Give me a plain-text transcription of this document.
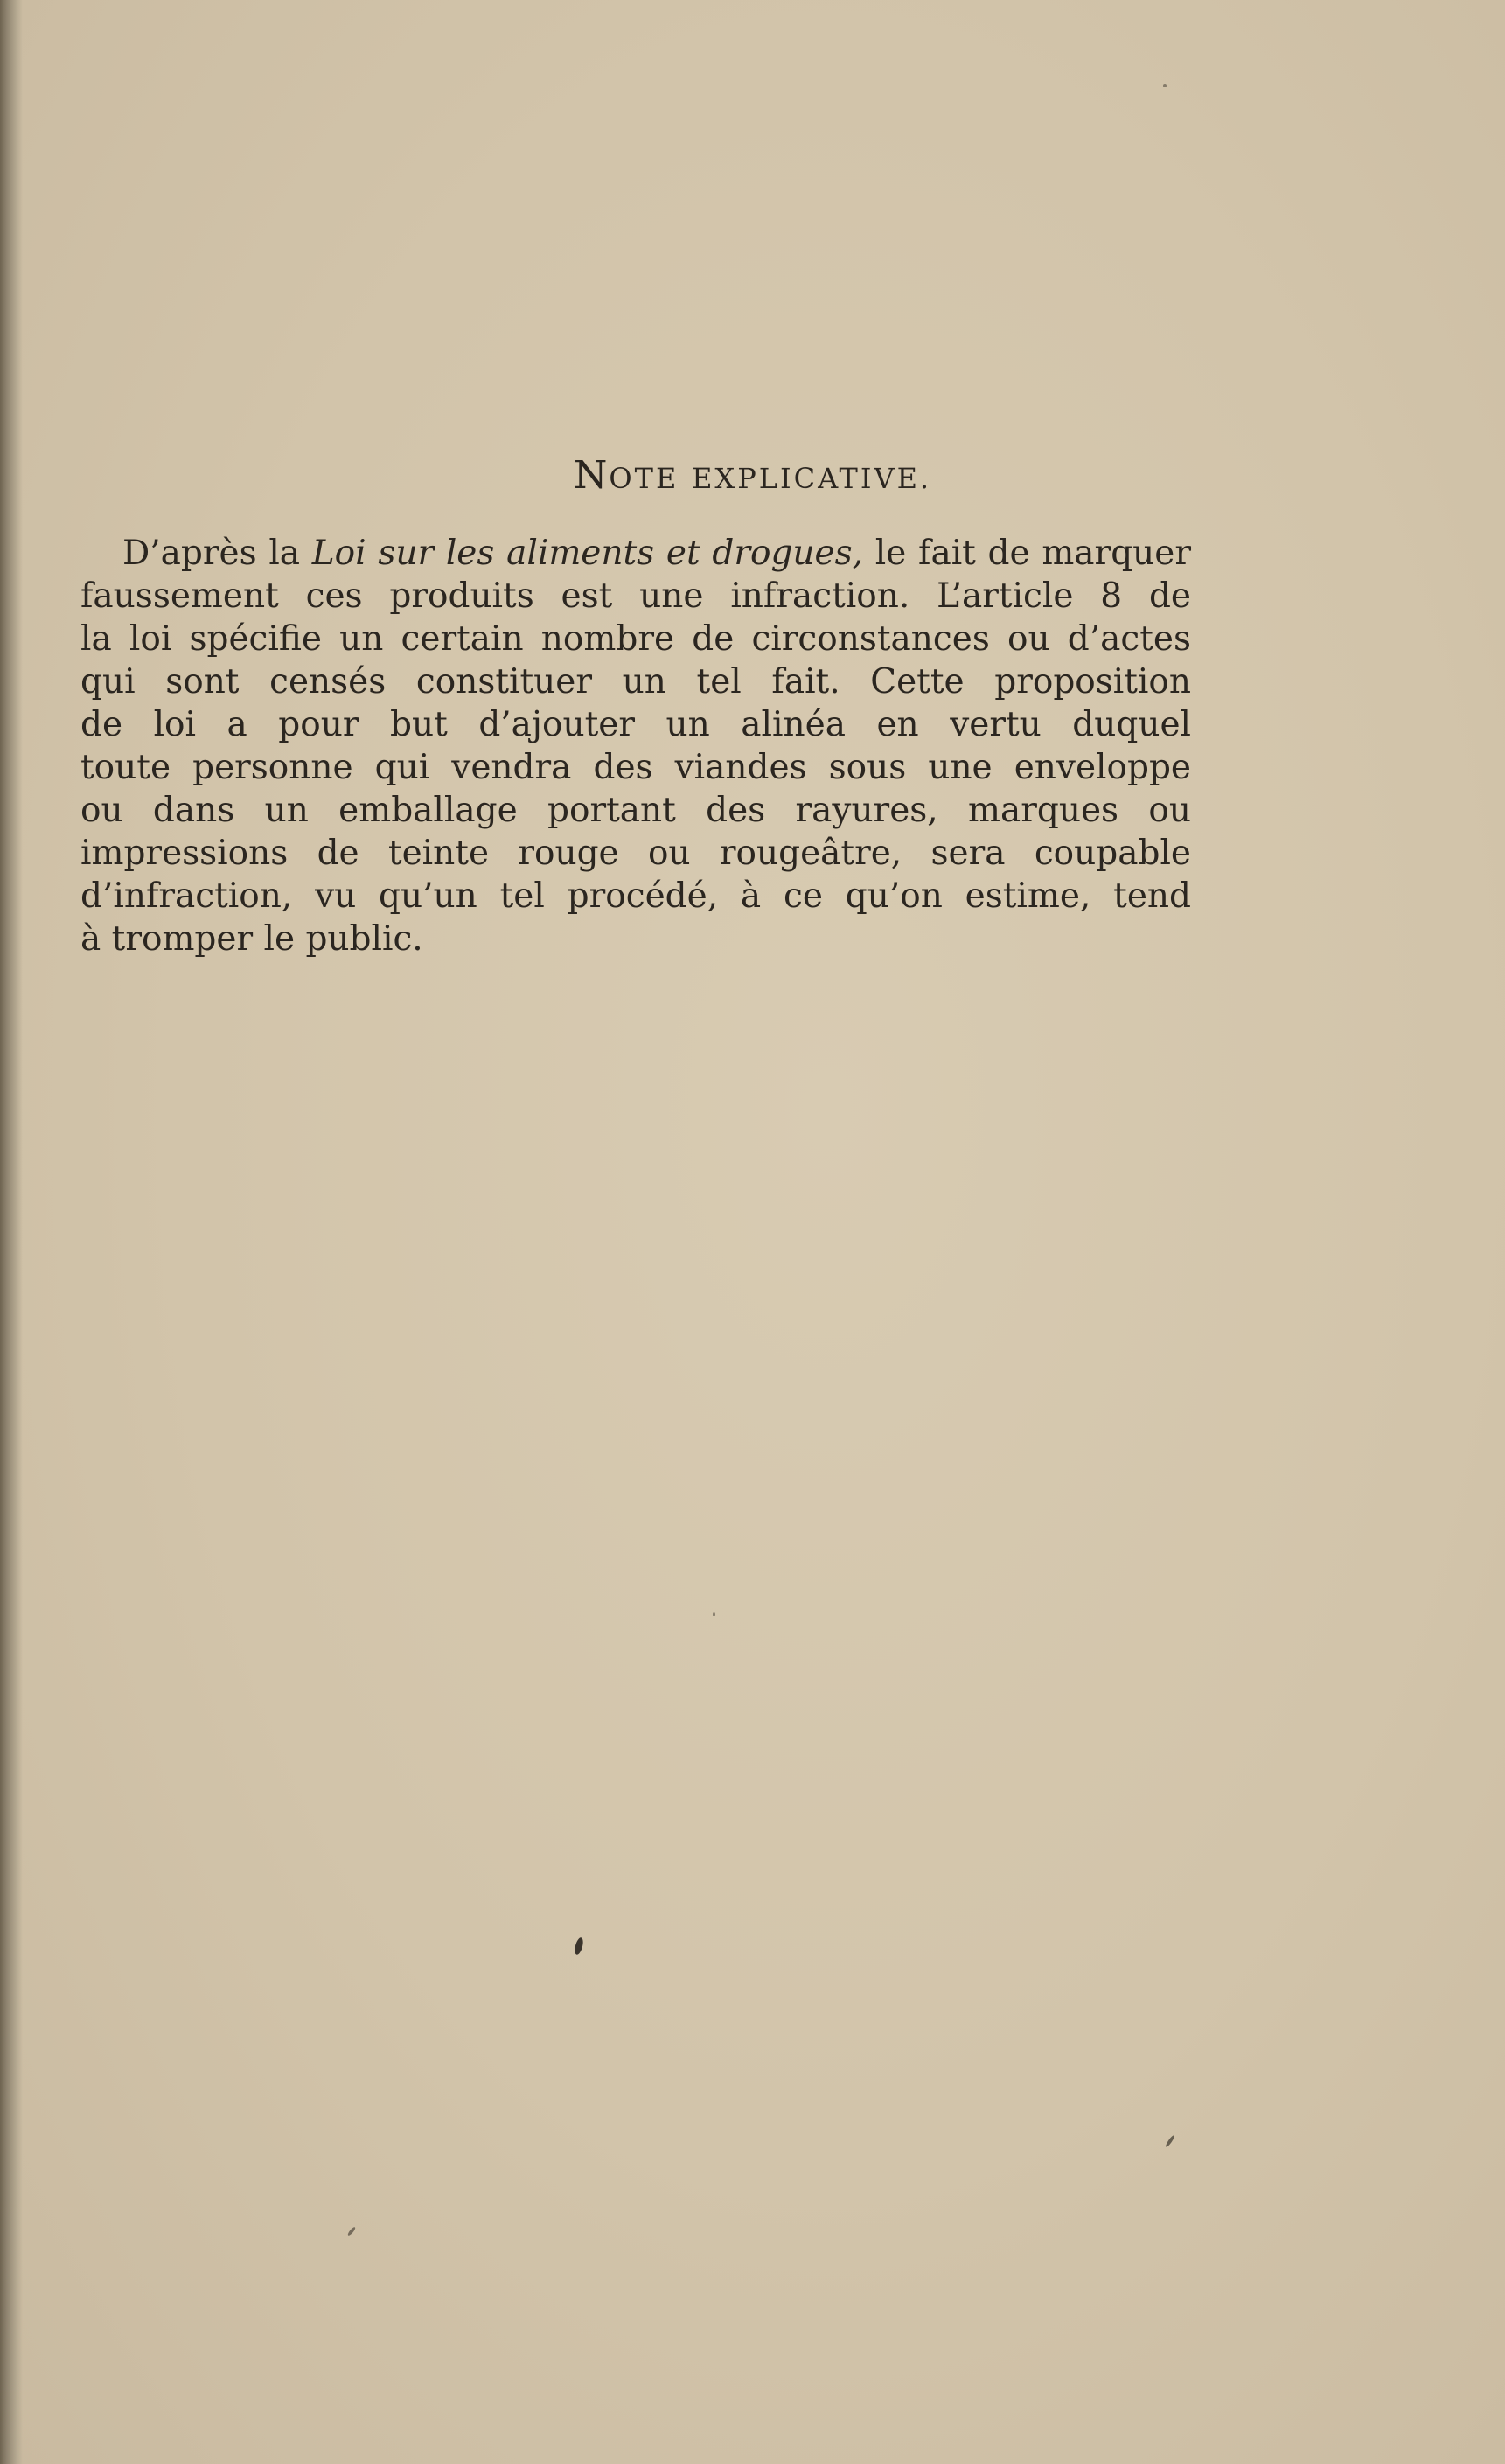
NOTE EXPLICATIVE.
D’après la Loi sur les aliments et drogues, le fait de marquer
faussement ces produits est une infraction. L’article 8 de
la loi spécifie un certain nombre de circonstances ou d’actes
qui sont censés constituer un tel fait. Cette proposition
de loi a pour but d’ajouter un alinéa en vertu duquel
toute personne qui vendra des viandes sous une enveloppe
ou dans un emballage portant des rayures, marques ou
impressions de teinte rouge ou rougeâtre, sera coupable
d’infraction, vu qu’un tel procédé, à ce qu’on estime, tend
à tromper le public.
